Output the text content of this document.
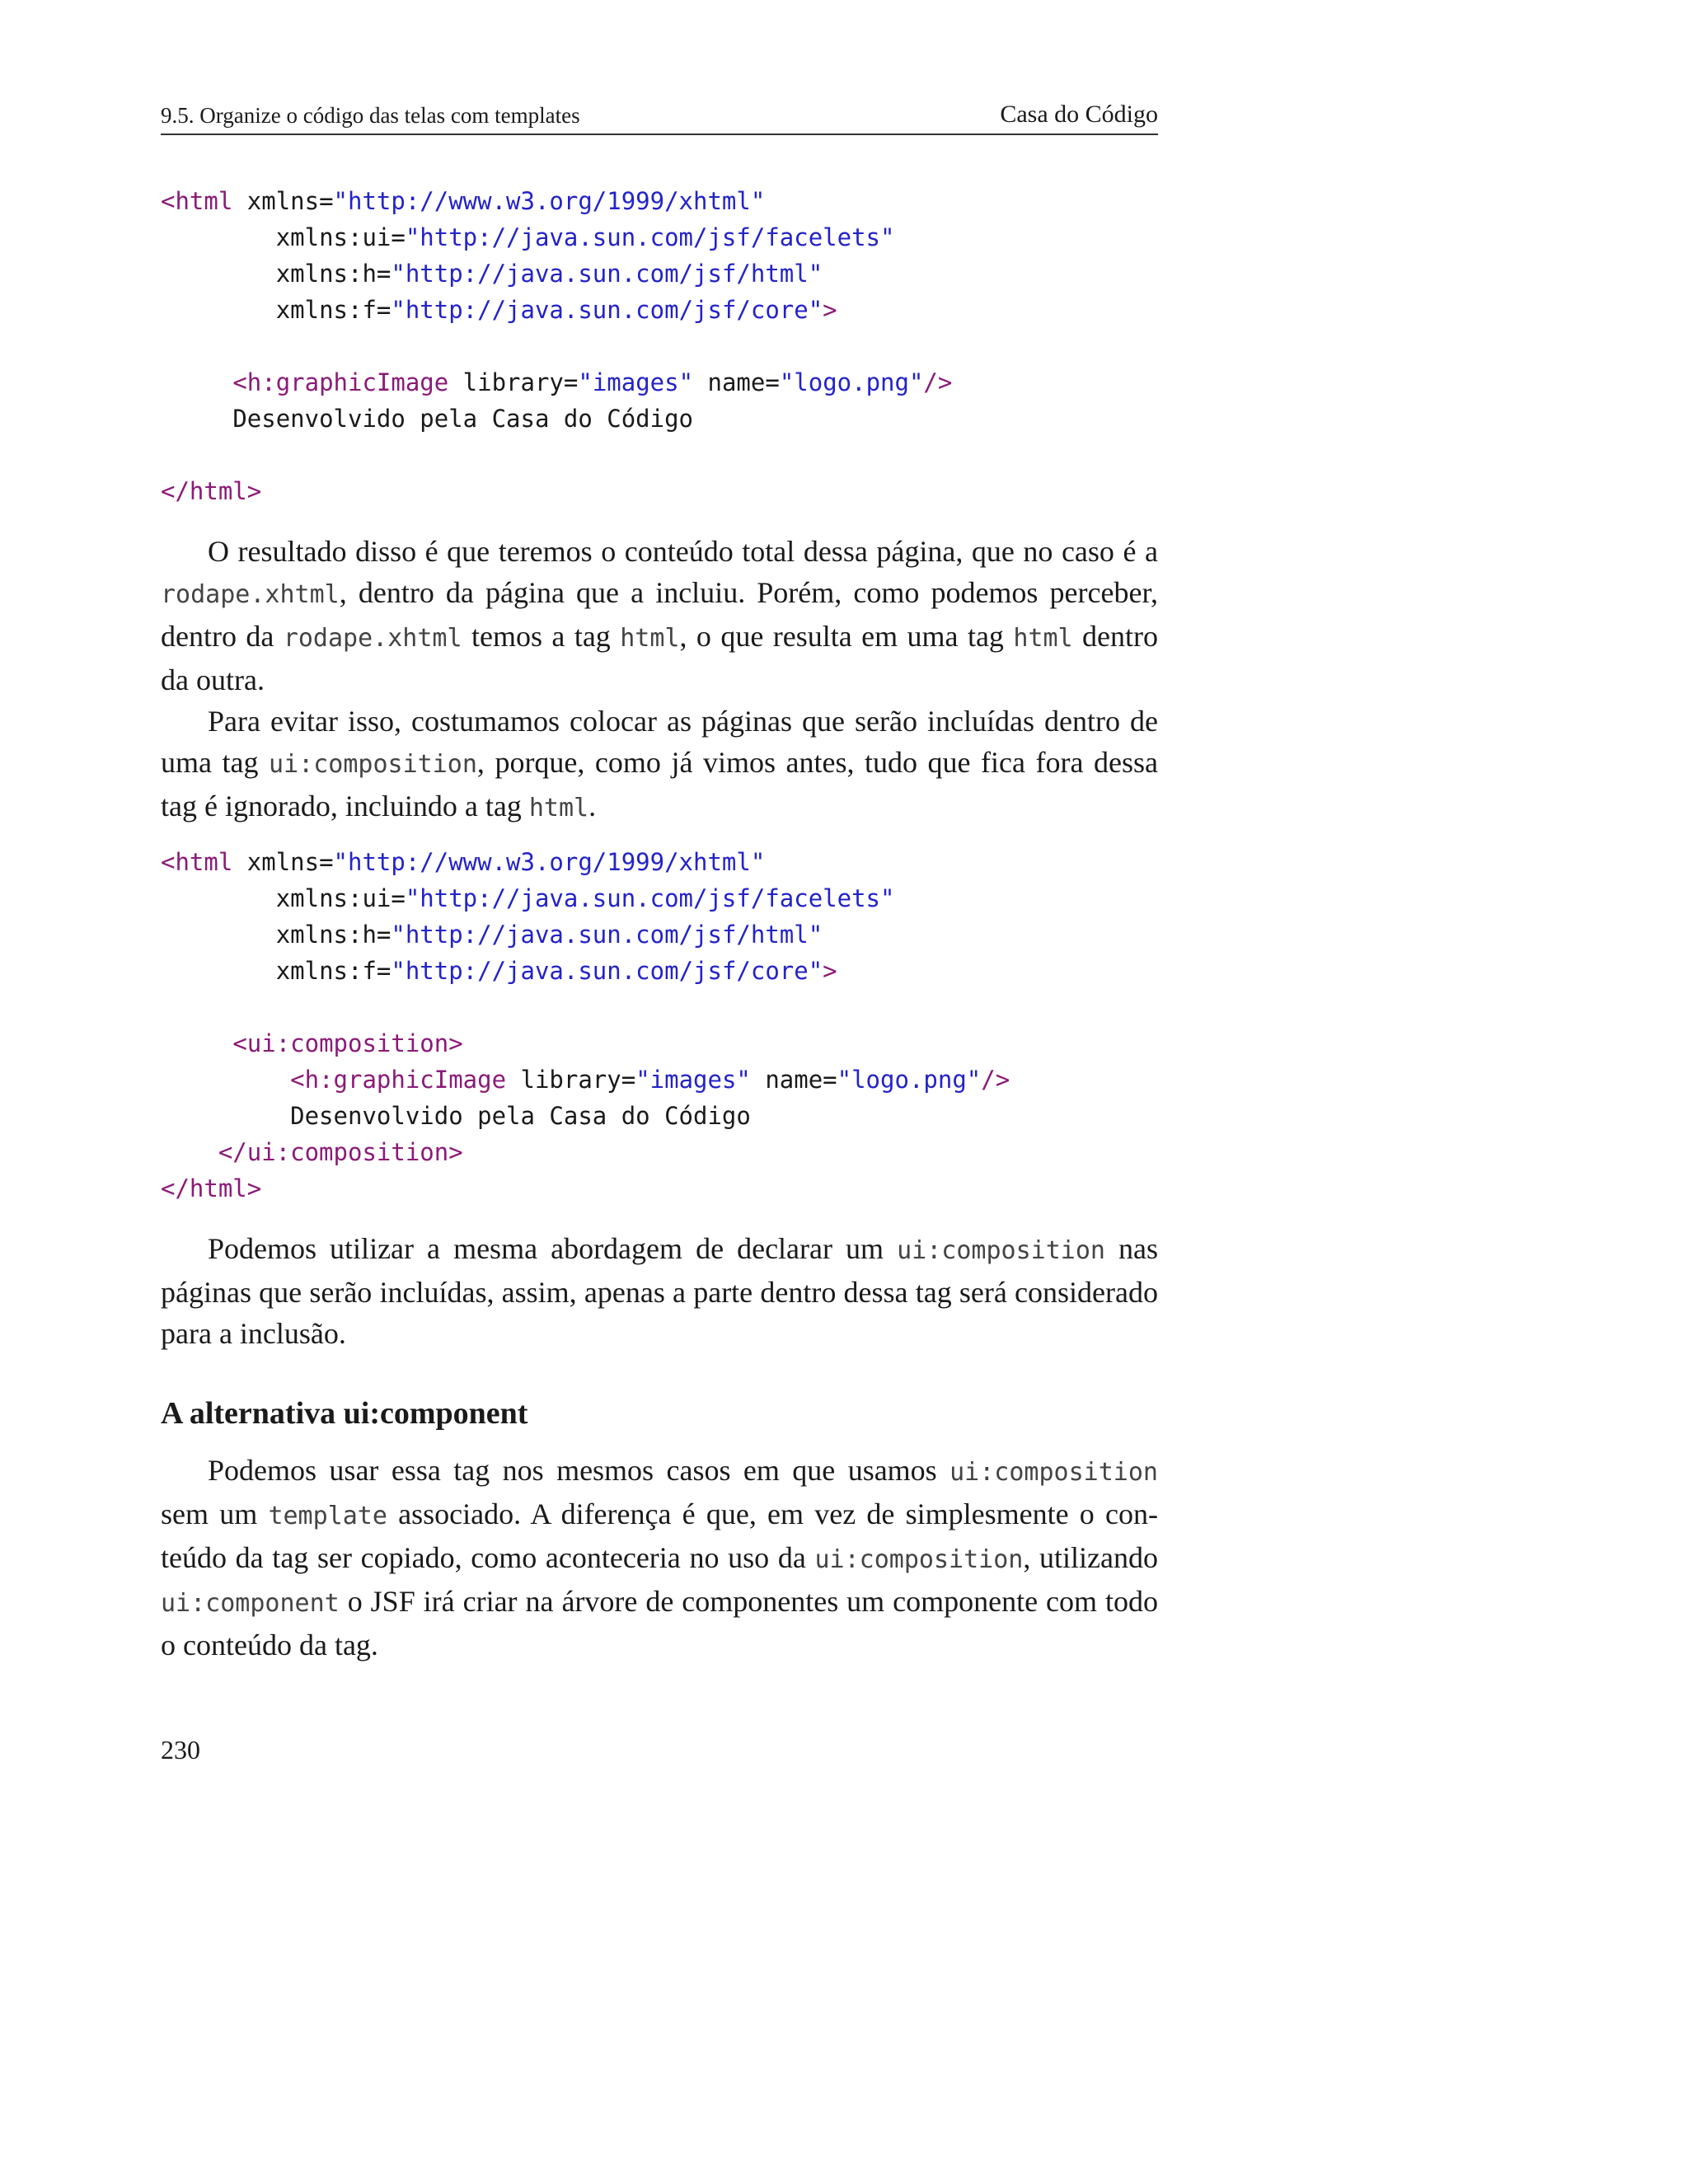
9.5. Organize o código das telas com templates	Casa do Código
<html xmlns="http://www.w3.org/1999/xhtml"
xmlns:ui="http://java.sun.com/jsf/facelets"
xmlns:h="http://java.sun.com/jsf/html"
xmlns:f="http://java.sun.com/jsf/core">

<h:graphicImage library="images" name="logo.png"/>
Desenvolvido pela Casa do Código

</html>

O resultado disso é que teremos o conteúdo total dessa página, que no caso é a rodape.xhtml, dentro da página que a incluiu. Porém, como podemos perceber, dentro da rodape.xhtml temos a tag html, o que resulta em uma tag html dentro da outra.

Para evitar isso, costumamos colocar as páginas que serão incluídas dentro de uma tag ui:composition, porque, como já vimos antes, tudo que fica fora dessa tag é ignorado, incluindo a tag html.

<html xmlns="http://www.w3.org/1999/xhtml"
xmlns:ui="http://java.sun.com/jsf/facelets"
xmlns:h="http://java.sun.com/jsf/html"
xmlns:f="http://java.sun.com/jsf/core">

<ui:composition>
<h:graphicImage library="images" name="logo.png"/>
Desenvolvido pela Casa do Código
</ui:composition>
</html>

Podemos utilizar a mesma abordagem de declarar um ui:composition nas páginas que serão incluídas, assim, apenas a parte dentro dessa tag será considerado para a inclusão.

A alternativa ui:component

Podemos usar essa tag nos mesmos casos em que usamos ui:composition sem um template associado. A diferença é que, em vez de simplesmente o conteúdo da tag ser copiado, como aconteceria no uso da ui:composition, utilizando ui:component o JSF irá criar na árvore de componentes um componente com todo o conteúdo da tag.

230
